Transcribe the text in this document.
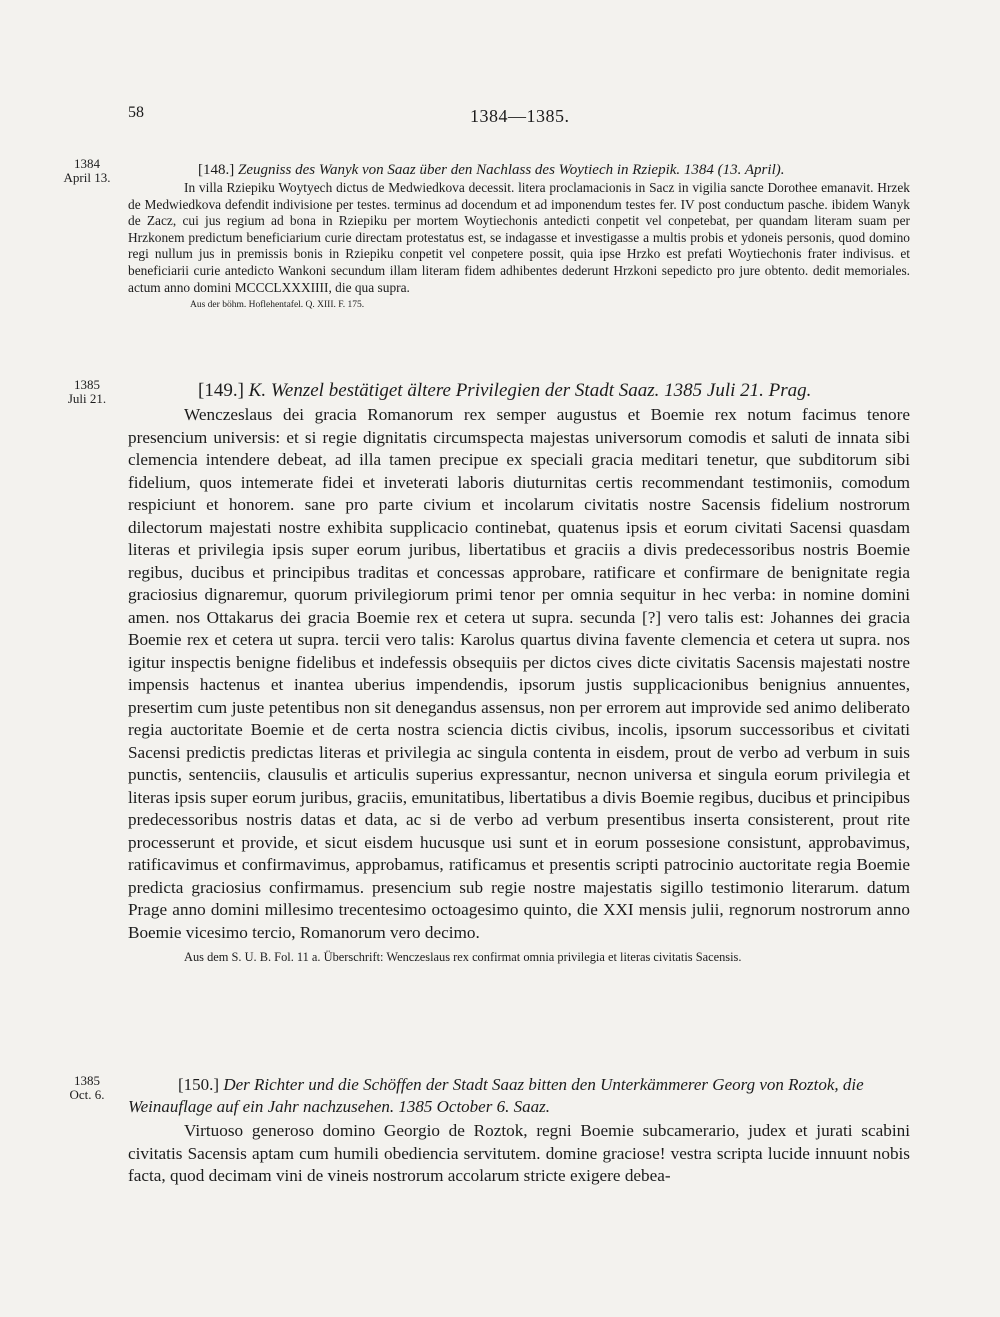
58	1384—1385.
1384
April 13.	[148.] Zeugniss des Wanyk von Saaz über den Nachlass des Woytiech in Rziepik. 1384 (13. April).

In villa Rziepiku Woytyech dictus de Medwiedkova decessit. litera proclamacionis in Sacz in vigilia sancte Dorothee emanavit. Hrzek de Medwiedkova defendit indivisione per testes. terminus ad docendum et ad imponendum testes fer. IV post conductum pasche. ibidem Wanyk de Zacz, cui jus regium ad bona in Rziepiku per mortem Woytiechonis antedicti conpetit vel conpetebat, per quandam literam suam per Hrzkonem predictum beneficiarium curie directam protestatus est, se indagasse et investigasse a multis probis et ydoneis personis, quod domino regi nullum jus in premissis bonis in Rziepiku conpetit vel conpetere possit, quia ipse Hrzko est prefati Woytiechonis frater indivisus. et beneficiarii curie antedicto Wankoni secundum illam literam fidem adhibentes dederunt Hrzkoni sepedicto pro jure obtento. dedit memoriales. actum anno domini MCCCLXXXIIII, die qua supra.

Aus der böhm. Hoflehentafel. Q. XIII. F. 175.

1385
Juli 21.	[149.] K. Wenzel bestätiget ältere Privilegien der Stadt Saaz. 1385 Juli 21. Prag.

Wenczeslaus dei gracia Romanorum rex semper augustus et Boemie rex notum facimus tenore presencium universis: et si regie dignitatis circumspecta majestas universorum comodis et saluti de innata sibi clemencia intendere debeat, ad illa tamen precipue ex speciali gracia meditari tenetur, que subditorum sibi fidelium, quos intemerate fidei et inveterati laboris diuturnitas certis recommendant testimoniis, comodum respiciunt et honorem. sane pro parte civium et incolarum civitatis nostre Sacensis fidelium nostrorum dilectorum majestati nostre exhibita supplicacio continebat, quatenus ipsis et eorum civitati Sacensi quasdam literas et privilegia ipsis super eorum juribus, libertatibus et graciis a divis predecessoribus nostris Boemie regibus, ducibus et principibus traditas et concessas approbare, ratificare et confirmare de benignitate regia graciosius dignaremur, quorum privilegiorum primi tenor per omnia sequitur in hec verba: in nomine domini amen. nos Ottakarus dei gracia Boemie rex et cetera ut supra. secunda [?] vero talis est: Johannes dei gracia Boemie rex et cetera ut supra. tercii vero talis: Karolus quartus divina favente clemencia et cetera ut supra. nos igitur inspectis benigne fidelibus et indefessis obsequiis per dictos cives dicte civitatis Sacensis majestati nostre impensis hactenus et inantea uberius impendendis, ipsorum justis supplicacionibus benignius annuentes, presertim cum juste petentibus non sit denegandus assensus, non per errorem aut improvide sed animo deliberato regia auctoritate Boemie et de certa nostra sciencia dictis civibus, incolis, ipsorum successoribus et civitati Sacensi predictis predictas literas et privilegia ac singula contenta in eisdem, prout de verbo ad verbum in suis punctis, sentenciis, clausulis et articulis superius expressantur, necnon universa et singula eorum privilegia et literas ipsis super eorum juribus, graciis, emunitatibus, libertatibus a divis Boemie regibus, ducibus et principibus predecessoribus nostris datas et data, ac si de verbo ad verbum presentibus inserta consisterent, prout rite processerunt et provide, et sicut eisdem hucusque usi sunt et in eorum possesione consistunt, approbavimus, ratificavimus et confirmavimus, approbamus, ratificamus et presentis scripti patrocinio auctoritate regia Boemie predicta graciosius confirmamus. presencium sub regie nostre majestatis sigillo testimonio literarum. datum Prage anno domini millesimo trecentesimo octoagesimo quinto, die XXI mensis julii, regnorum nostrorum anno Boemie vicesimo tercio, Romanorum vero decimo.

Aus dem S. U. B. Fol. 11 a. Überschrift: Wenczeslaus rex confirmat omnia privilegia et literas civitatis Sacensis.

1385
Oct. 6.

[150.] Der Richter und die Schöffen der Stadt Saaz bitten den Unterkämmerer Georg von Roztok, die Weinauflage auf ein Jahr nachzusehen. 1385 October 6. Saaz.

Virtuoso generoso domino Georgio de Roztok, regni Boemie subcamerario, judex et jurati scabini civitatis Sacensis aptam cum humili obediencia servitutem. domine graciose! vestra scripta lucide innuunt nobis facta, quod decimam vini de vineis nostrorum accolarum stricte exigere debea-
